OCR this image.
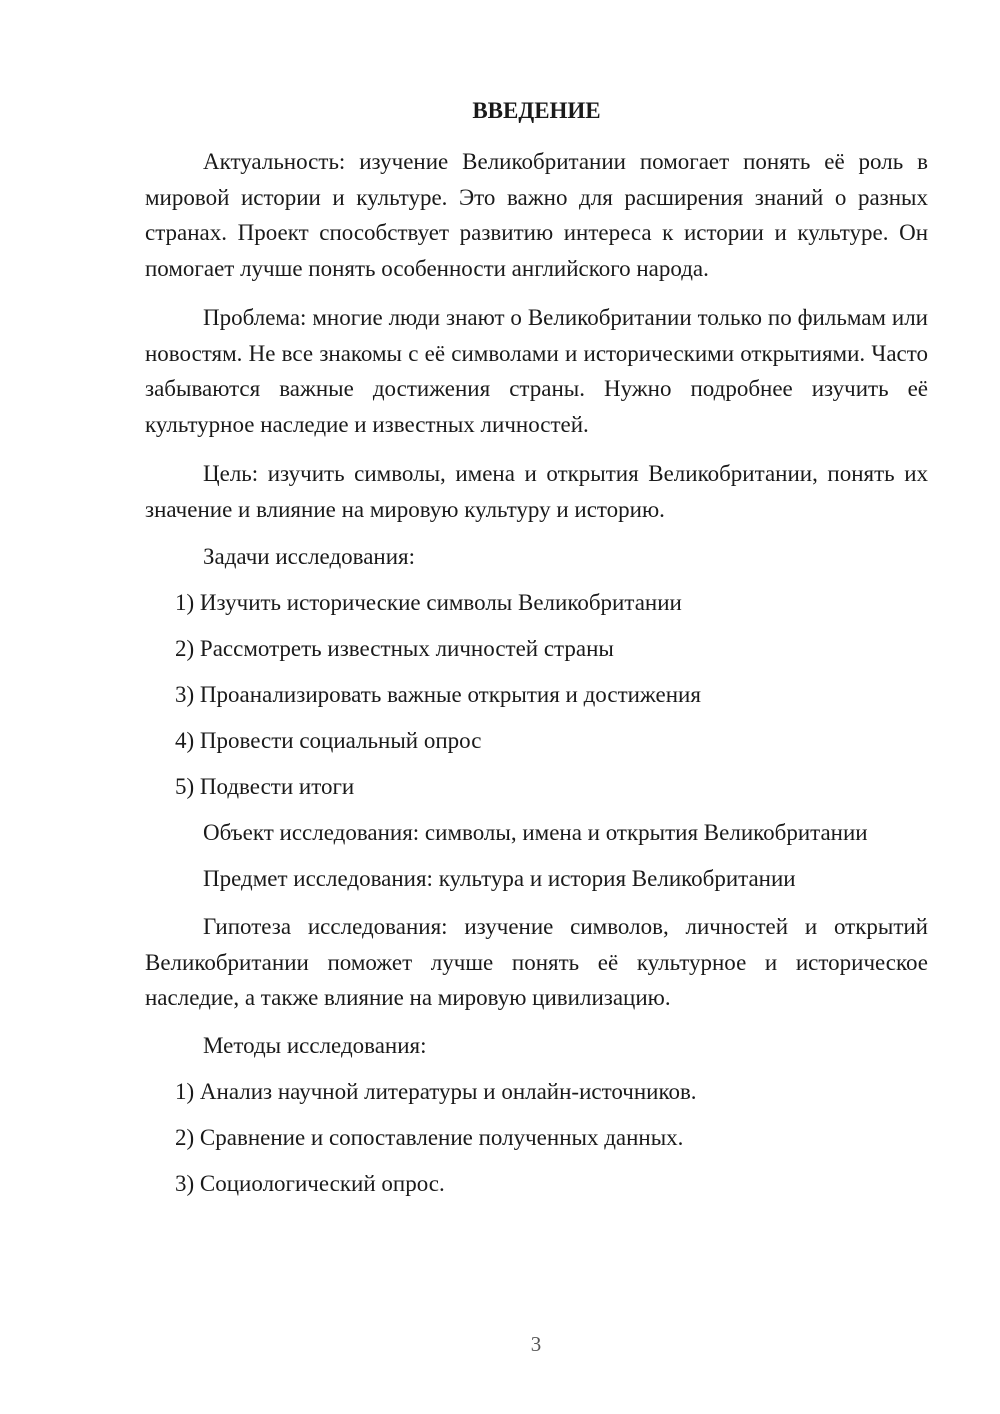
ВВЕДЕНИЕ

Актуальность: изучение Великобритании помогает понять её роль в мировой истории и культуре. Это важно для расширения знаний о разных странах. Проект способствует развитию интереса к истории и культуре. Он помогает лучше понять особенности английского народа.

Проблема: многие люди знают о Великобритании только по фильмам или новостям. Не все знакомы с её символами и историческими открытиями. Часто забываются важные достижения страны. Нужно подробнее изучить её культурное наследие и известных личностей.

Цель: изучить символы, имена и открытия Великобритании, понять их значение и влияние на мировую культуру и историю.

Задачи исследования:

1) Изучить исторические символы Великобритании

2) Рассмотреть известных личностей страны

3) Проанализировать важные открытия и достижения

4) Провести социальный опрос

5) Подвести итоги

Объект исследования: символы, имена и открытия Великобритании

Предмет исследования: культура и история Великобритании

Гипотеза исследования: изучение символов, личностей и открытий Великобритании поможет лучше понять её культурное и историческое наследие, а также влияние на мировую цивилизацию.

Методы исследования:

1) Анализ научной литературы и онлайн-источников.

2) Сравнение и сопоставление полученных данных.

3) Социологический опрос.

3
